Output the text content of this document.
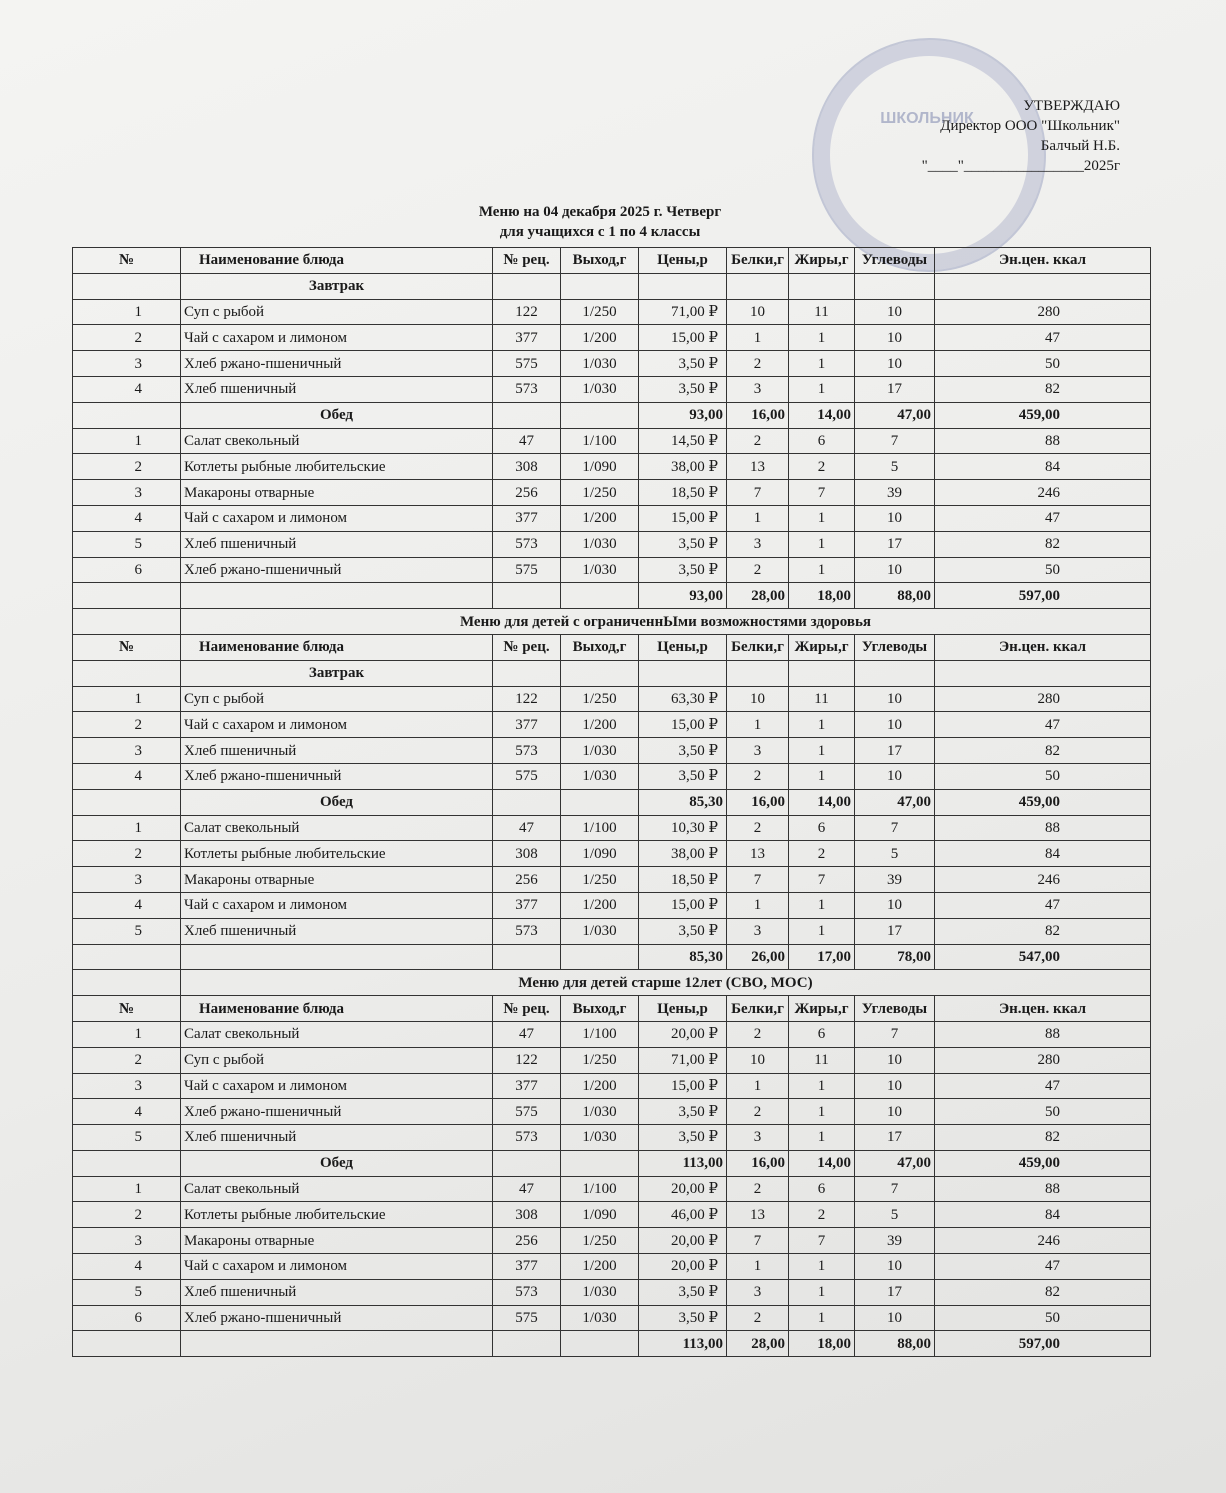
ШКОЛЬНИК
УТВЕРЖДАЮ
Директор ООО "Школьник"
Балчый Н.Б.
"____"________________2025г
Меню на 04 декабря 2025 г. Четверг
для учащихся с 1 по 4 классы
№	Наименование блюда	№ рец.	Выход,г	Цены,р	Белки,г	Жиры,г	Углеводы	Эн.цен. ккал
	Завтрак							
1	Суп с рыбой	122	1/250	71,00 ₽	10	11	10	280
2	Чай с сахаром и лимоном	377	1/200	15,00 ₽	1	1	10	47
3	Хлеб ржано-пшеничный	575	1/030	3,50 ₽	2	1	10	50
4	Хлеб пшеничный	573	1/030	3,50 ₽	3	1	17	82
	Обед			93,00	16,00	14,00	47,00	459,00
1	Салат свекольный	47	1/100	14,50 ₽	2	6	7	88
2	Котлеты рыбные любительские	308	1/090	38,00 ₽	13	2	5	84
3	Макароны отварные	256	1/250	18,50 ₽	7	7	39	246
4	Чай с сахаром и лимоном	377	1/200	15,00 ₽	1	1	10	47
5	Хлеб пшеничный	573	1/030	3,50 ₽	3	1	17	82
6	Хлеб ржано-пшеничный	575	1/030	3,50 ₽	2	1	10	50
				93,00	28,00	18,00	88,00	597,00
	Меню для детей с ограниченнЫми возможностями здоровья							
№	Наименование блюда	№ рец.	Выход,г	Цены,р	Белки,г	Жиры,г	Углеводы	Эн.цен. ккал
	Завтрак							
1	Суп с рыбой	122	1/250	63,30 ₽	10	11	10	280
2	Чай с сахаром и лимоном	377	1/200	15,00 ₽	1	1	10	47
3	Хлеб пшеничный	573	1/030	3,50 ₽	3	1	17	82
4	Хлеб ржано-пшеничный	575	1/030	3,50 ₽	2	1	10	50
	Обед			85,30	16,00	14,00	47,00	459,00
1	Салат свекольный	47	1/100	10,30 ₽	2	6	7	88
2	Котлеты рыбные любительские	308	1/090	38,00 ₽	13	2	5	84
3	Макароны отварные	256	1/250	18,50 ₽	7	7	39	246
4	Чай с сахаром и лимоном	377	1/200	15,00 ₽	1	1	10	47
5	Хлеб пшеничный	573	1/030	3,50 ₽	3	1	17	82
				85,30	26,00	17,00	78,00	547,00
	Меню для детей старше 12лет (СВО, МОС)							
№	Наименование блюда	№ рец.	Выход,г	Цены,р	Белки,г	Жиры,г	Углеводы	Эн.цен. ккал
1	Салат свекольный	47	1/100	20,00 ₽	2	6	7	88
2	Суп с рыбой	122	1/250	71,00 ₽	10	11	10	280
3	Чай с сахаром и лимоном	377	1/200	15,00 ₽	1	1	10	47
4	Хлеб ржано-пшеничный	575	1/030	3,50 ₽	2	1	10	50
5	Хлеб пшеничный	573	1/030	3,50 ₽	3	1	17	82
	Обед			113,00	16,00	14,00	47,00	459,00
1	Салат свекольный	47	1/100	20,00 ₽	2	6	7	88
2	Котлеты рыбные любительские	308	1/090	46,00 ₽	13	2	5	84
3	Макароны отварные	256	1/250	20,00 ₽	7	7	39	246
4	Чай с сахаром и лимоном	377	1/200	20,00 ₽	1	1	10	47
5	Хлеб пшеничный	573	1/030	3,50 ₽	3	1	17	82
6	Хлеб ржано-пшеничный	575	1/030	3,50 ₽	2	1	10	50
				113,00	28,00	18,00	88,00	597,00
